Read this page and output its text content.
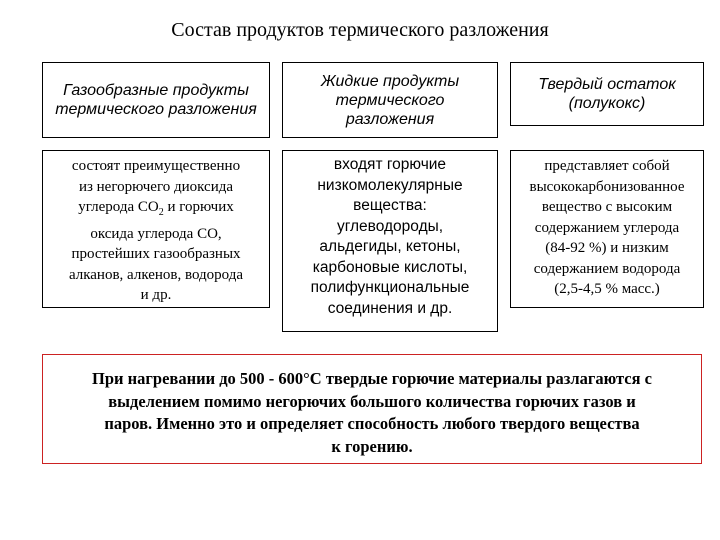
Состав продуктов термического разложения
Газообразные продукты термического разложения
Жидкие продукты термического разложения
Твердый остаток (полукокс)
состоят преимущественно
из негорючего диоксида
углерода $СО_2$ и горючих
оксида углерода СО,
простейших газообразных
алканов, алкенов, водорода
и др.
входят горючие
низкомолекулярные
вещества:
углеводороды,
альдегиды, кетоны,
карбоновые кислоты,
полифункциональные
соединения и др.
представляет собой
высококарбонизованное
вещество с высоким
содержанием углерода
(84-92 %) и низким
содержанием водорода
(2,5-4,5 % масс.)
При нагревании до 500 - 600°С твердые горючие материалы разлагаются с
выделением помимо негорючих большого количества горючих газов и
паров. Именно это и определяет способность любого твердого вещества
к горению.
